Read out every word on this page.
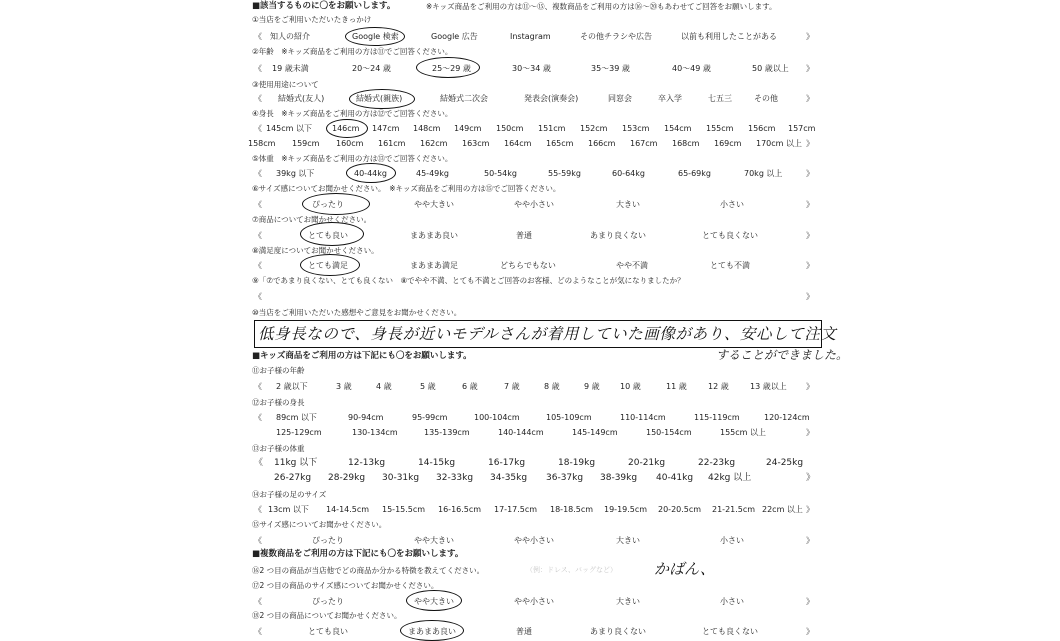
■該当するものに〇をお願いします。	※キッズ商品をご利用の方は⑪〜⑮、複数商品をご利用の方は⑯〜⑳もあわせてご回答をお願いします。
①当店をご利用いただいたきっかけ
《 知人の紹介	Google 検索	Google 広告	Instagram	その他チラシや広告	以前も利用したことがある	》
②年齢　※キッズ商品をご利用の方は⑪でご回答ください。
《 19 歳未満	20〜24 歳	25〜29 歳	30〜34 歳	35〜39 歳	40〜49 歳	50 歳以上 》
③使用用途について
《 結婚式(友人)	結婚式(親族)	結婚式二次会	発表会(演奏会)	同窓会	卒入学	七五三	その他	》
④身長　※キッズ商品をご利用の方は⑫でご回答ください。
《 145cm 以下 146cm 147cm 148cm 149cm 150cm 151cm 152cm 153cm 154cm 155cm 156cm 157cm
158cm 159cm 160cm 161cm 162cm 163cm 164cm 165cm 166cm 167cm 168cm 169cm 170cm 以上 》
⑤体重　※キッズ商品をご利用の方は⑬でご回答ください。
《 39kg 以下	40-44kg	45-49kg	50-54kg	55-59kg	60-64kg	65-69kg	70kg 以上	》
⑥サイズ感についてお聞かせください。　※キッズ商品をご利用の方は⑮でご回答ください。
《	ぴったり	やや大きい	やや小さい	大きい	小さい	》
⑦商品についてお聞かせください。
《	とても良い	まあまあ良い	普通	あまり良くない	とても良くない	》
⑧満足度についてお聞かせください。
《	とても満足	まあまあ満足	どちらでもない	やや不満	とても不満	》
⑨「⑦であまり良くない、とても良くない　⑧でやや不満、とても不満とご回答のお客様、どのようなことが気になりましたか？
《	》
⑩当店をご利用いただいた感想やご意見をお聞かせください。
低身長なので、身長が近いモデルさんが着用していた画像があり、安心して注文
することができました。
■キッズ商品をご利用の方は下記にも〇をお願いします。
⑪お子様の年齢
《 2 歳以下	3 歳	4 歳	5 歳	6 歳	7 歳	8 歳	9 歳	10 歳	11 歳	12 歳	13 歳以上 》
⑫お子様の身長
《 89cm 以下	90-94cm	95-99cm	100-104cm	105-109cm	110-114cm	115-119cm	120-124cm
125-129cm	130-134cm	135-139cm	140-144cm	145-149cm	150-154cm	155cm 以上	》
⑬お子様の体重
《 11kg 以下	12-13kg	14-15kg	16-17kg	18-19kg	20-21kg	22-23kg	24-25kg
26-27kg 28-29kg 30-31kg 32-33kg 34-35kg 36-37kg 38-39kg 40-41kg 42kg 以上	》
⑭お子様の足のサイズ
《 13cm 以下 14-14.5cm 15-15.5cm 16-16.5cm 17-17.5cm 18-18.5cm 19-19.5cm 20-20.5cm 21-21.5cm 22cm 以上 》
⑮サイズ感についてお聞かせください。
《	ぴったり	やや大きい	やや小さい	大きい	小さい	》
■複数商品をご利用の方は下記にも〇をお願いします。
⑯2 つ目の商品が当店他でどの商品か分かる特徴を教えてください。	（例：ドレス、バッグなど） かばん、
⑰2 つ目の商品のサイズ感についてお聞かせください。
《	ぴったり	やや大きい	やや小さい	大きい	小さい	》
⑱2 つ目の商品についてお聞かせください。
《	とても良い	まあまあ良い	普通	あまり良くない	とても良くない	》
